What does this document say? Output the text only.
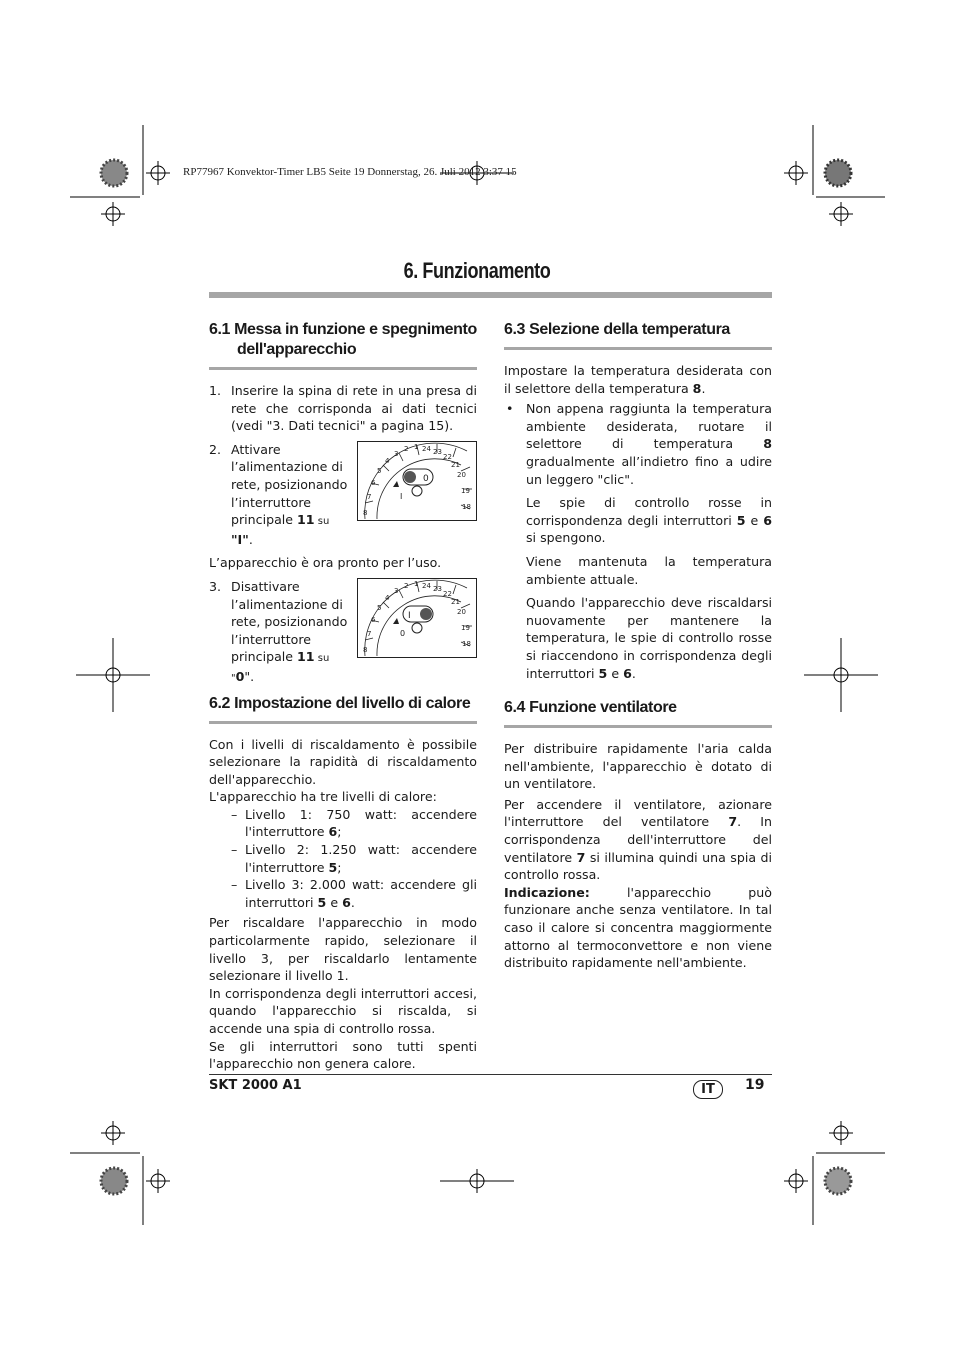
RP77967 Konvektor-Timer LB5 Seite 19 Donnerstag, 26. Juli 2012 3:37 15
6. Funzionamento
6.1 Messa in funzione e spegnimento
dell'apparecchio
1. Inserire la spina di rete in una presa di rete che corrisponda ai dati tecnici (vedi "3. Dati tecnici" a pagina 15).
2. Attivare l’alimentazione di rete, posizionando l’interruttore principale 11 su "I".
8
7
6
5
4
3
2 1 24 23
22
21
20
19
18
0
I

L’apparecchio è ora pronto per l’uso.

3. Disattivare l’alimentazione di rete, posizionando l’interruttore principale 11 su "0".
8
7
6
5
4
3
2 1 24 23
22
21
20
19
18
I
0
6.2 Impostazione del livello di calore

Con i livelli di riscaldamento è possibile selezionare la rapidità di riscaldamento dell'apparecchio.

L'apparecchio ha tre livelli di calore:

– Livello 1: 750 watt: accendere l'interruttore 6;
– Livello 2: 1.250 watt: accendere l'interruttore 5;
– Livello 3: 2.000 watt: accendere gli interruttori 5 e 6.

Per riscaldare l'apparecchio in modo particolarmente rapido, selezionare il livello 3, per riscaldarlo lentamente selezionare il livello 1.

In corrispondenza degli interruttori accesi, quando l'apparecchio si riscalda, si accende una spia di controllo rossa.

Se gli interruttori sono tutti spenti l'apparecchio non genera calore.

6.3 Selezione della temperatura

Impostare la temperatura desiderata con il selettore della temperatura 8.

• Non appena raggiunta la temperatura ambiente desiderata, ruotare il selettore di temperatura 8 gradualmente all’indietro fino a udire un leggero "clic".

Le spie di controllo rosse in corrispondenza degli interruttori 5 e 6 si spengono.

Viene mantenuta la temperatura ambiente attuale.

Quando l'apparecchio deve riscaldarsi nuovamente per mantenere la temperatura, le spie di controllo rosse si riaccendono in corrispondenza degli interruttori 5 e 6.

6.4 Funzione ventilatore

Per distribuire rapidamente l'aria calda nell'ambiente, l'apparecchio è dotato di un ventilatore.

Per accendere il ventilatore, azionare l'interruttore del ventilatore 7. In corrispondenza dell'interruttore del ventilatore 7 si illumina quindi una spia di controllo rossa.

Indicazione: l'apparecchio può funzionare anche senza ventilatore. In tal caso il calore si concentra maggiormente attorno al termoconvettore e non viene distribuito rapidamente nell'ambiente.

SKT 2000 A1	IT	19
